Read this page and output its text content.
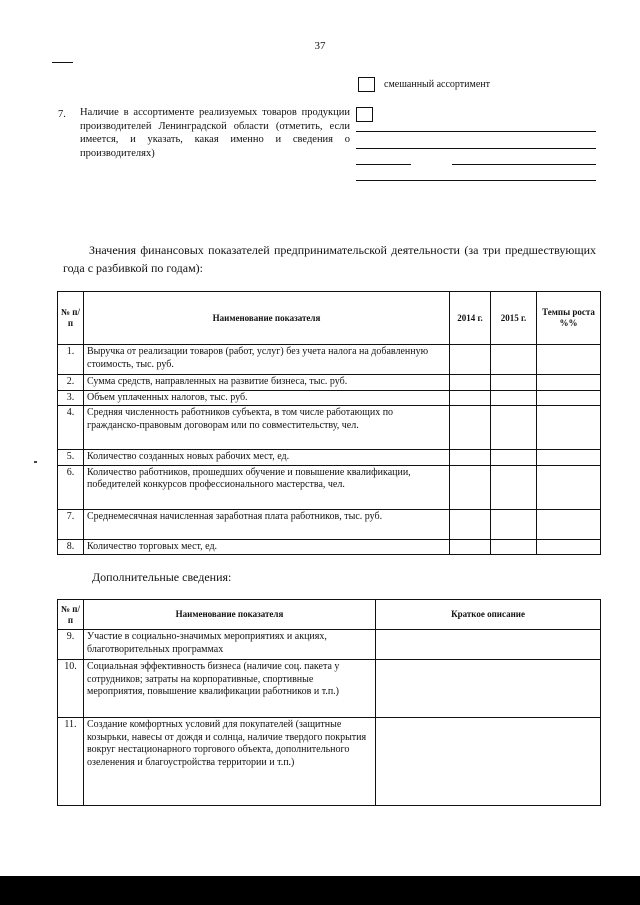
37
смешанный ассортимент
7. Наличие в ассортименте реализуемых товаров продукции производителей Ленинградской области (отметить, если имеется, и указать, какая именно и сведения о производителях)
Значения финансовых показателей предпринимательской деятельности (за три предшествующих года с разбивкой по годам):
№ п/п	Наименование показателя	2014 г.	2015 г.	Темпы роста %%
1.	Выручка от реализации товаров (работ, услуг) без учета налога на добавленную стоимость, тыс. руб.			
2.	Сумма средств, направленных на развитие бизнеса, тыс. руб.			
3.	Объем уплаченных налогов, тыс. руб.			
4.	Средняя численность работников субъекта, в том числе работающих по гражданско-правовым договорам или по совместительству, чел.			
5.	Количество созданных новых рабочих мест, ед.			
6.	Количество работников, прошедших обучение и повышение квалификации, победителей конкурсов профессионального мастерства, чел.			
7.	Среднемесячная начисленная заработная плата работников, тыс. руб.			
8.	Количество торговых мест, ед.			
Дополнительные сведения:
№ п/п	Наименование показателя	Краткое описание
9.	Участие в социально-значимых мероприятиях и акциях, благотворительных программах	
10.	Социальная эффективность бизнеса (наличие соц. пакета у сотрудников; затраты на корпоративные, спортивные мероприятия, повышение квалификации работников и т.п.)	
11.	Создание комфортных условий для покупателей (защитные козырьки, навесы от дождя и солнца, наличие твердого покрытия вокруг нестационарного торгового объекта, дополнительного озеленения и благоустройства территории и т.п.)	
